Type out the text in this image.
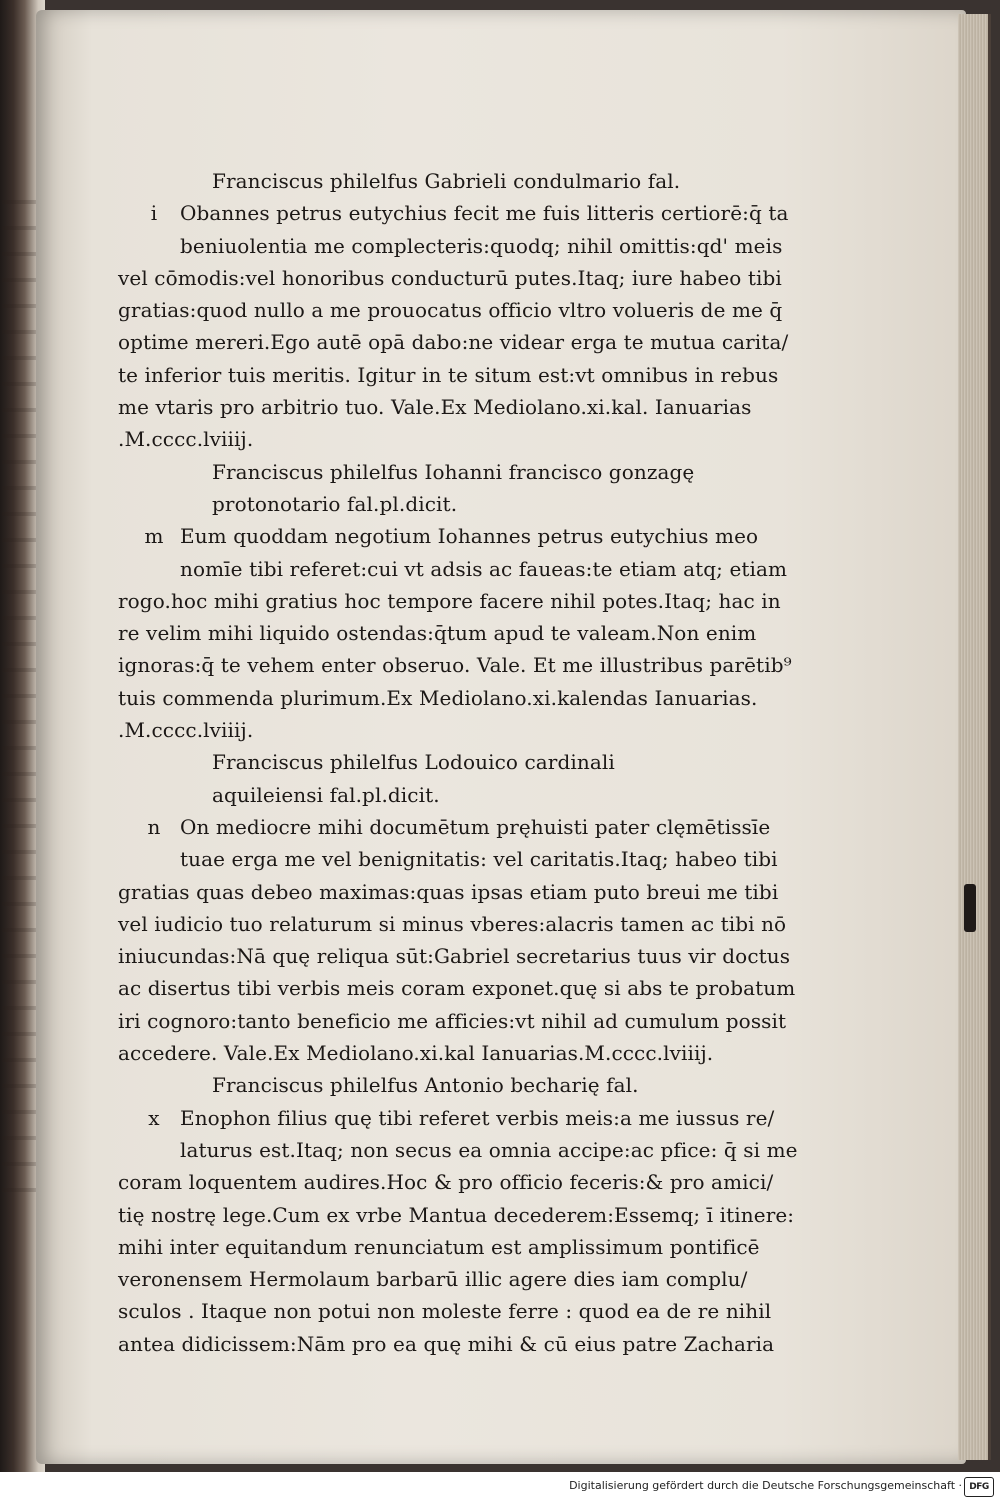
Franciscus philelfus Gabrieli condulmario fal.
i	Obannes petrus eutychius fecit me fuis litteris certiorē:q̄ ta
beniuolentia me complecteris:quodq; nihil omittis:qd' meis
vel cōmodis:vel honoribus conducturū putes.Itaq; iure habeo tibi
gratias:quod nullo a me prouocatus officio vltro volueris de me q̄
optime mereri.Ego autē opā dabo:ne videar erga te mutua carita/
te inferior tuis meritis. Igitur in te situm est:vt omnibus in rebus
me vtaris pro arbitrio tuo. Vale.Ex Mediolano.xi.kal. Ianuarias
.M.cccc.lviiij.
Franciscus philelfus Iohanni francisco gonzagę
protonotario fal.pl.dicit.
m Eum quoddam negotium Iohannes petrus eutychius meo
nomīe tibi referet:cui vt adsis ac faueas:te etiam atq; etiam
rogo.hoc mihi gratius hoc tempore facere nihil potes.Itaq; hac in
re velim mihi liquido ostendas:q̄tum apud te valeam.Non enim
ignoras:q̄ te vehem enter obseruo. Vale. Et me illustribus parētib⁹
tuis commenda plurimum.Ex Mediolano.xi.kalendas Ianuarias.
.M.cccc.lviiij.
Franciscus philelfus Lodouico cardinali
aquileiensi fal.pl.dicit.
n On mediocre mihi documētum pręhuisti pater clęmētissīe
tuae erga me vel benignitatis: vel caritatis.Itaq; habeo tibi
gratias quas debeo maximas:quas ipsas etiam puto breui me tibi
vel iudicio tuo relaturum si minus vberes:alacris tamen ac tibi nō
iniucundas:Nā quę reliqua sūt:Gabriel secretarius tuus vir doctus
ac disertus tibi verbis meis coram exponet.quę si abs te probatum
iri cognoro:tanto beneficio me afficies:vt nihil ad cumulum possit
accedere. Vale.Ex Mediolano.xi.kal Ianuarias.M.cccc.lviiij.
Franciscus philelfus Antonio becharię fal.
x Enophon filius quę tibi referet verbis meis:a me iussus re/
laturus est.Itaq; non secus ea omnia accipe:ac pfice: q̄ si me
coram loquentem audires.Hoc & pro officio feceris:& pro amici/
tię nostrę lege.Cum ex vrbe Mantua decederem:Essemq; ī itinere:
mihi inter equitandum renunciatum est amplissimum pontificē
veronensem Hermolaum barbarū illic agere dies iam complu/
sculos . Itaque non potui non moleste ferre : quod ea de re nihil
antea didicissem:Nām pro ea quę mihi & cū eius patre Zacharia
Digitalisierung gefördert durch die Deutsche Forschungsgemeinschaft · DFG
